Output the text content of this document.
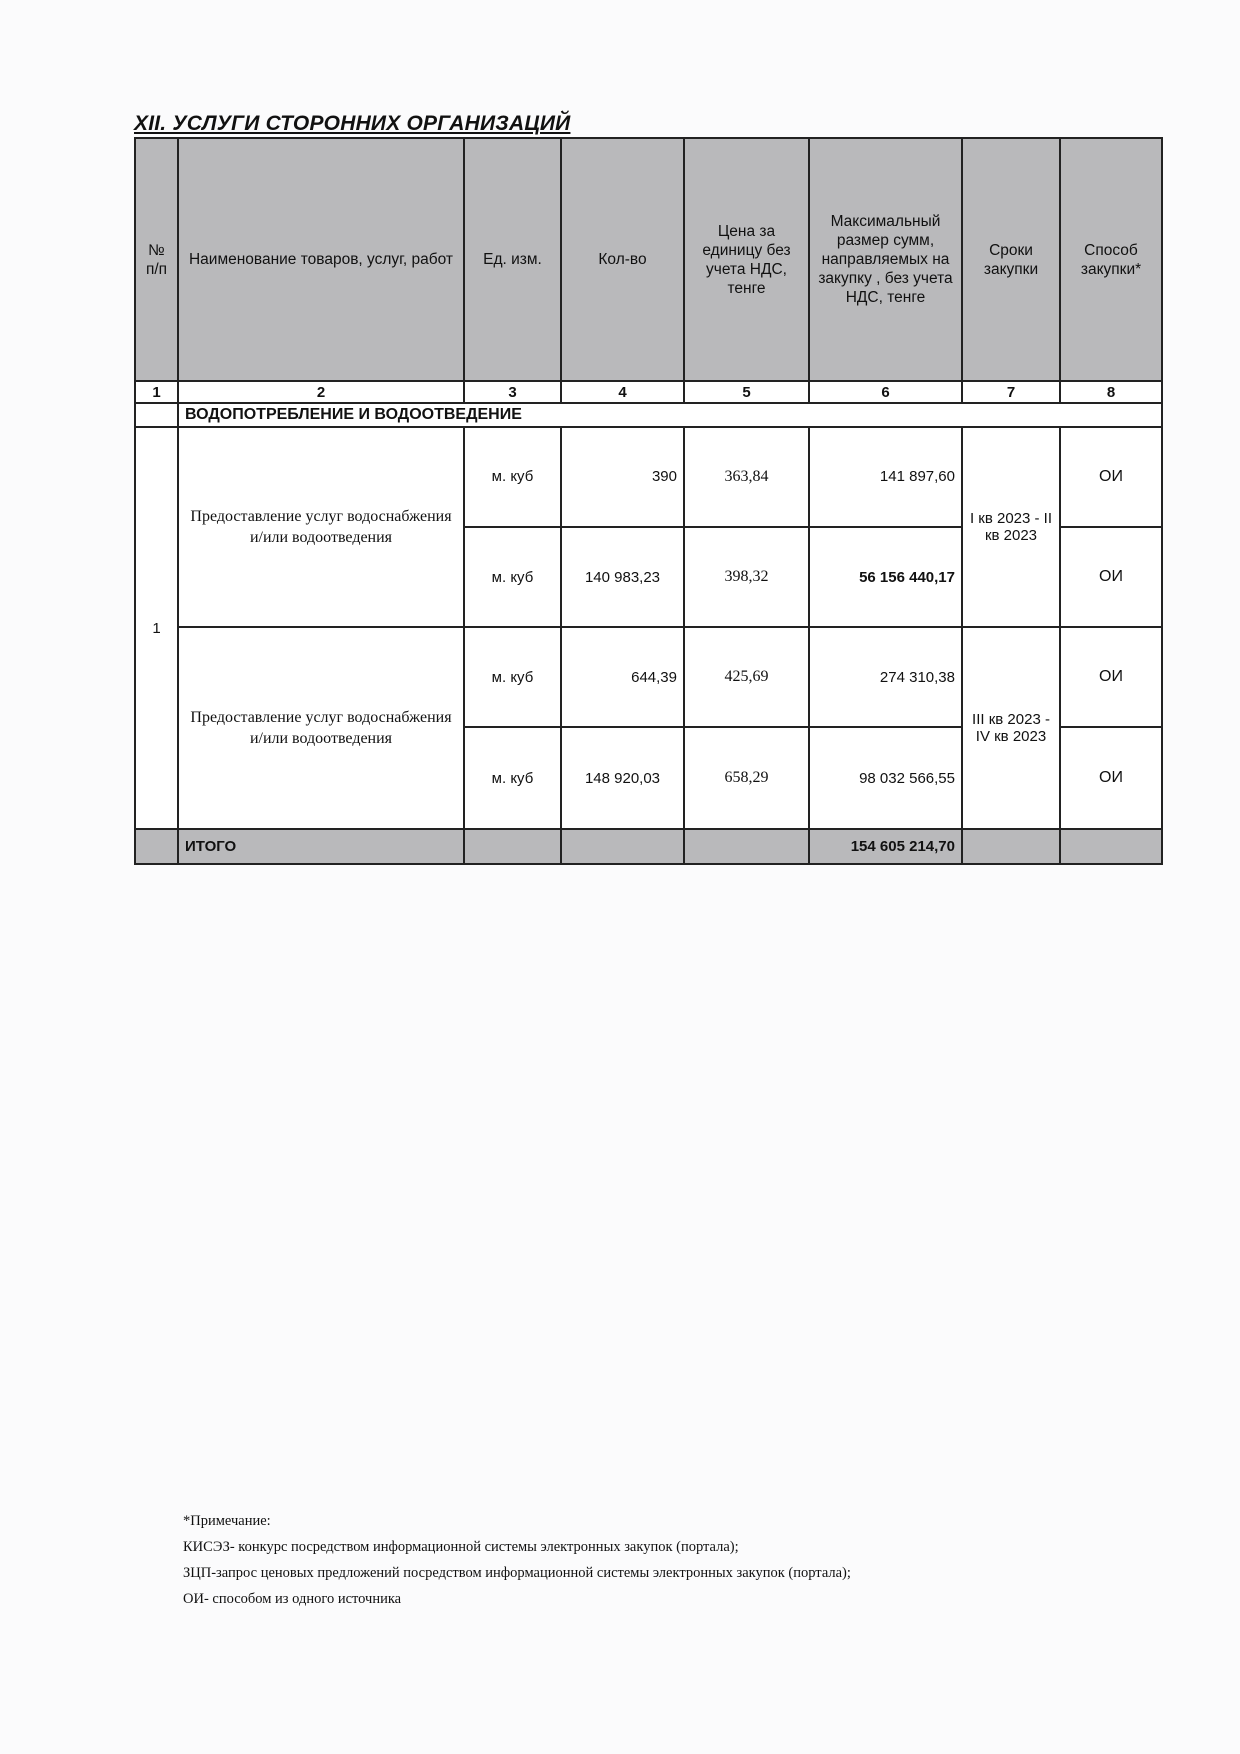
XII. УСЛУГИ СТОРОННИХ ОРГАНИЗАЦИЙ
№ п/п	Наименование товаров, услуг, работ	Ед. изм.	Кол-во	Цена за единицу без учета НДС, тенге	Максимальный размер сумм, направляемых на закупку , без учета НДС, тенге	Сроки закупки	Способ закупки*
1	2	3	4	5	6	7	8
	ВОДОПОТРЕБЛЕНИЕ И ВОДООТВЕДЕНИЕ						
1	Предоставление услуг водоснабжения и/или водоотведения	м. куб	390	363,84	141 897,60	I кв 2023 - II кв 2023	ОИ
		м. куб	140 983,23	398,32	56 156 440,17		ОИ
	Предоставление услуг водоснабжения и/или водоотведения	м. куб	644,39	425,69	274 310,38	III кв 2023 - IV кв 2023	ОИ
		м. куб	148 920,03	658,29	98 032 566,55		ОИ
	ИТОГО				154 605 214,70		
*Примечание:
КИСЭЗ- конкурс посредством информационной системы электронных закупок (портала);
ЗЦП-запрос ценовых предложений посредством информационной системы электронных закупок (портала);
ОИ- способом из одного источника
